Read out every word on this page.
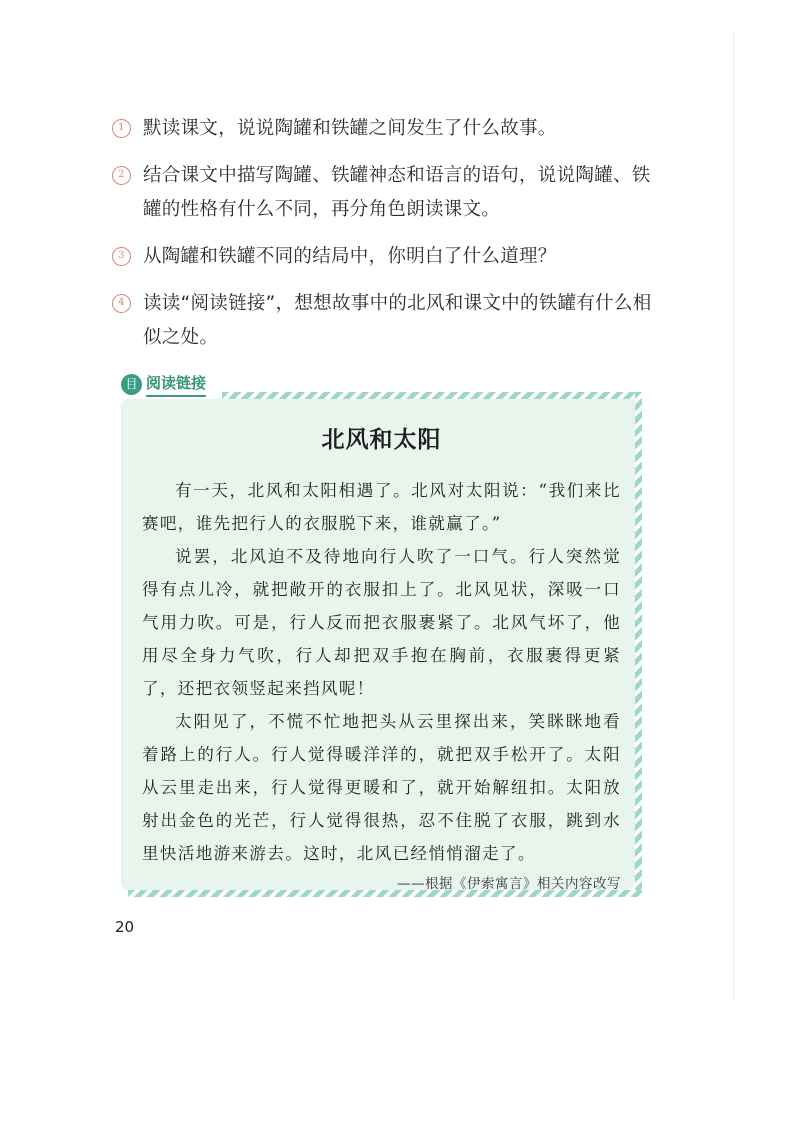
1 默读课文，说说陶罐和铁罐之间发生了什么故事。
2 结合课文中描写陶罐、铁罐神态和语言的语句，说说陶罐、铁罐的性格有什么不同，再分角色朗读课文。
3 从陶罐和铁罐不同的结局中，你明白了什么道理？
4 读读“阅读链接”，想想故事中的北风和课文中的铁罐有什么相似之处。
目 阅读链接
北风和太阳

有一天，北风和太阳相遇了。北风对太阳说：“我们来比赛吧，谁先把行人的衣服脱下来，谁就赢了。”

说罢，北风迫不及待地向行人吹了一口气。行人突然觉得有点儿冷，就把敞开的衣服扣上了。北风见状，深吸一口气用力吹。可是，行人反而把衣服裹紧了。北风气坏了，他用尽全身力气吹，行人却把双手抱在胸前，衣服裹得更紧了，还把衣领竖起来挡风呢！

太阳见了，不慌不忙地把头从云里探出来，笑眯眯地看着路上的行人。行人觉得暖洋洋的，就把双手松开了。太阳从云里走出来，行人觉得更暖和了，就开始解纽扣。太阳放射出金色的光芒，行人觉得很热，忍不住脱了衣服，跳到水里快活地游来游去。这时，北风已经悄悄溜走了。

——根据《伊索寓言》相关内容改写
20
